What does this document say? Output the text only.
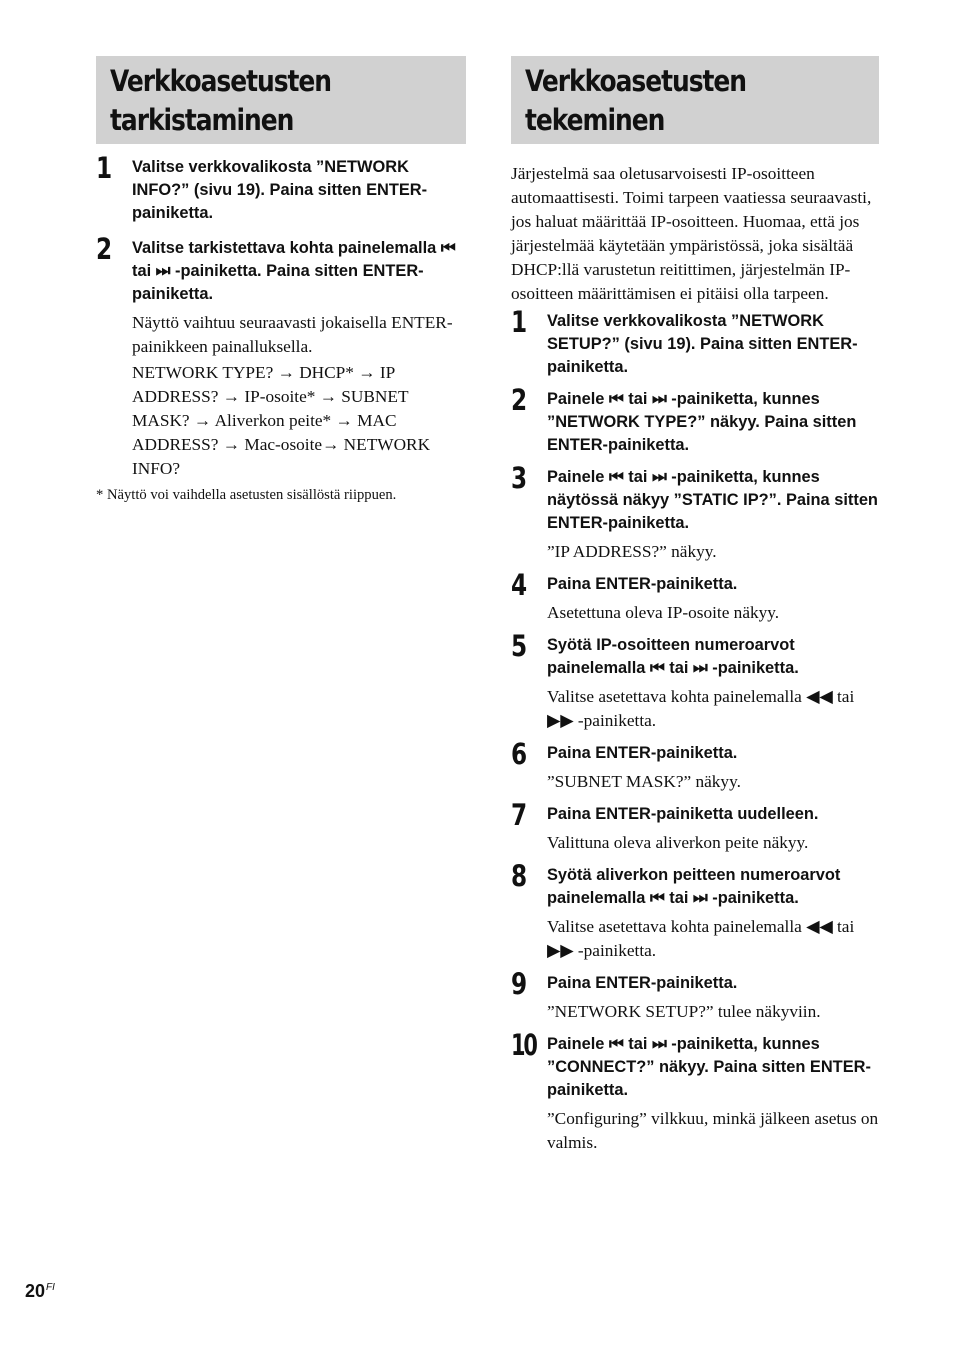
Verkkoasetusten tarkistaminen
1 Valitse verkkovalikosta ”NETWORK INFO?” (sivu 19). Paina sitten ENTER-painiketta.

2 Valitse tarkistettava kohta painelemalla ⏮ tai ⏭ -painiketta. Paina sitten ENTER-painiketta.

Näyttö vaihtuu seuraavasti jokaisella ENTER-painikkeen painalluksella.

NETWORK TYPE? → DHCP* → IP ADDRESS? → IP-osoite* → SUBNET MASK? → Aliverkon peite* → MAC ADDRESS? → Mac-osoite→ NETWORK INFO?

* Näyttö voi vaihdella asetusten sisällöstä riippuen.

Verkkoasetusten tekeminen

Järjestelmä saa oletusarvoisesti IP-osoitteen automaattisesti. Toimi tarpeen vaatiessa seuraavasti, jos haluat määrittää IP-osoitteen. Huomaa, että jos järjestelmää käytetään ympäristössä, joka sisältää DHCP:llä varustetun reitittimen, järjestelmän IP-osoitteen määrittämisen ei pitäisi olla tarpeen.

1 Valitse verkkovalikosta ”NETWORK SETUP?” (sivu 19). Paina sitten ENTER-painiketta.

2 Painele ⏮ tai ⏭ -painiketta, kunnes ”NETWORK TYPE?” näkyy. Paina sitten ENTER-painiketta.

3 Painele ⏮ tai ⏭ -painiketta, kunnes näytössä näkyy ”STATIC IP?”. Paina sitten ENTER-painiketta.

”IP ADDRESS?” näkyy.
4 Paina ENTER-painiketta.

Asetettuna oleva IP-osoite näkyy.
5 Syötä IP-osoitteen numeroarvot painelemalla ⏮ tai ⏭ -painiketta.

Valitse asetettava kohta painelemalla ◀◀ tai ▶▶ -painiketta.
6 Paina ENTER-painiketta.

”SUBNET MASK?” näkyy.
7 Paina ENTER-painiketta uudelleen.

Valittuna oleva aliverkon peite näkyy.
8 Syötä aliverkon peitteen numeroarvot painelemalla ⏮ tai ⏭ -painiketta.

Valitse asetettava kohta painelemalla ◀◀ tai ▶▶ -painiketta.
9 Paina ENTER-painiketta.

”NETWORK SETUP?” tulee näkyviin.
10 Painele ⏮ tai ⏭ -painiketta, kunnes ”CONNECT?” näkyy. Paina sitten ENTER-painiketta.

”Configuring” vilkkuu, minkä jälkeen asetus on valmis.
$20^{FI}$
